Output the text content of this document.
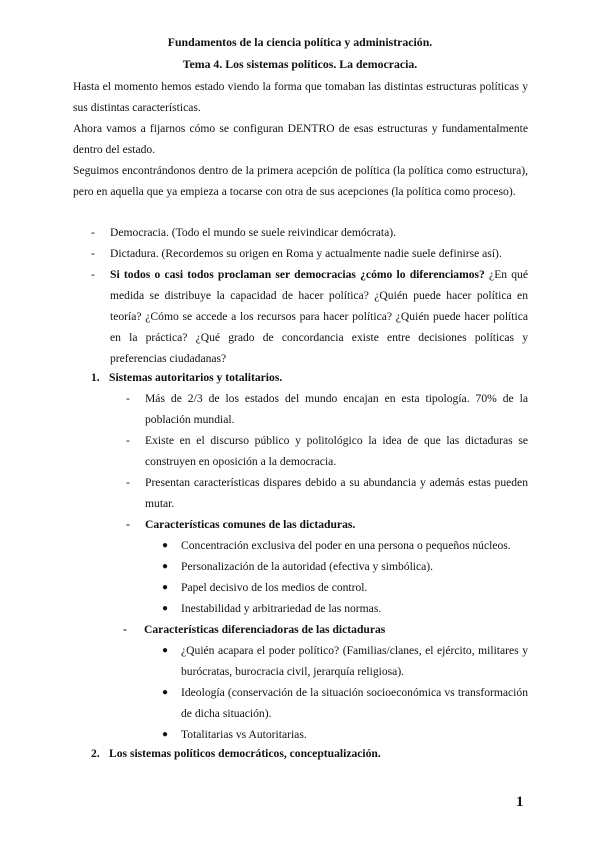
Fundamentos de la ciencia política y administración.
Tema 4. Los sistemas políticos. La democracia.
Hasta el momento hemos estado viendo la forma que tomaban las distintas estructuras políticas y sus distintas características.
Ahora vamos a fijarnos cómo se configuran DENTRO de esas estructuras y fundamentalmente dentro del estado.
Seguimos encontrándonos dentro de la primera acepción de política (la política como estructura), pero en aquella que ya empieza a tocarse con otra de sus acepciones (la política como proceso).
-	Democracia. (Todo el mundo se suele reivindicar demócrata).
-	Dictadura. (Recordemos su origen en Roma y actualmente nadie suele definirse así).
-	Si todos o casi todos proclaman ser democracias ¿cómo lo diferenciamos? ¿En qué medida se distribuye la capacidad de hacer política? ¿Quién puede hacer política en teoría? ¿Cómo se accede a los recursos para hacer política? ¿Quién puede hacer política en la práctica? ¿Qué grado de concordancia existe entre decisiones políticas y preferencias ciudadanas?
1. Sistemas autoritarios y totalitarios.
-	Más de 2/3 de los estados del mundo encajan en esta tipología. 70% de la población mundial.
-	Existe en el discurso público y politológico la idea de que las dictaduras se construyen en oposición a la democracia.
-	Presentan características dispares debido a su abundancia y además estas pueden mutar.
-	Características comunes de las dictaduras.
● Concentración exclusiva del poder en una persona o pequeños núcleos.
● Personalización de la autoridad (efectiva y simbólica).
● Papel decisivo de los medios de control.
● Inestabilidad y arbitrariedad de las normas.
-	Características diferenciadoras de las dictaduras
● ¿Quién acapara el poder político? (Familias/clanes, el ejército, militares y burócratas, burocracia civil, jerarquía religiosa).
● Ideología (conservación de la situación socioeconómica vs transformación de dicha situación).
● Totalitarias vs Autoritarias.
2. Los sistemas políticos democráticos, conceptualización.
1
